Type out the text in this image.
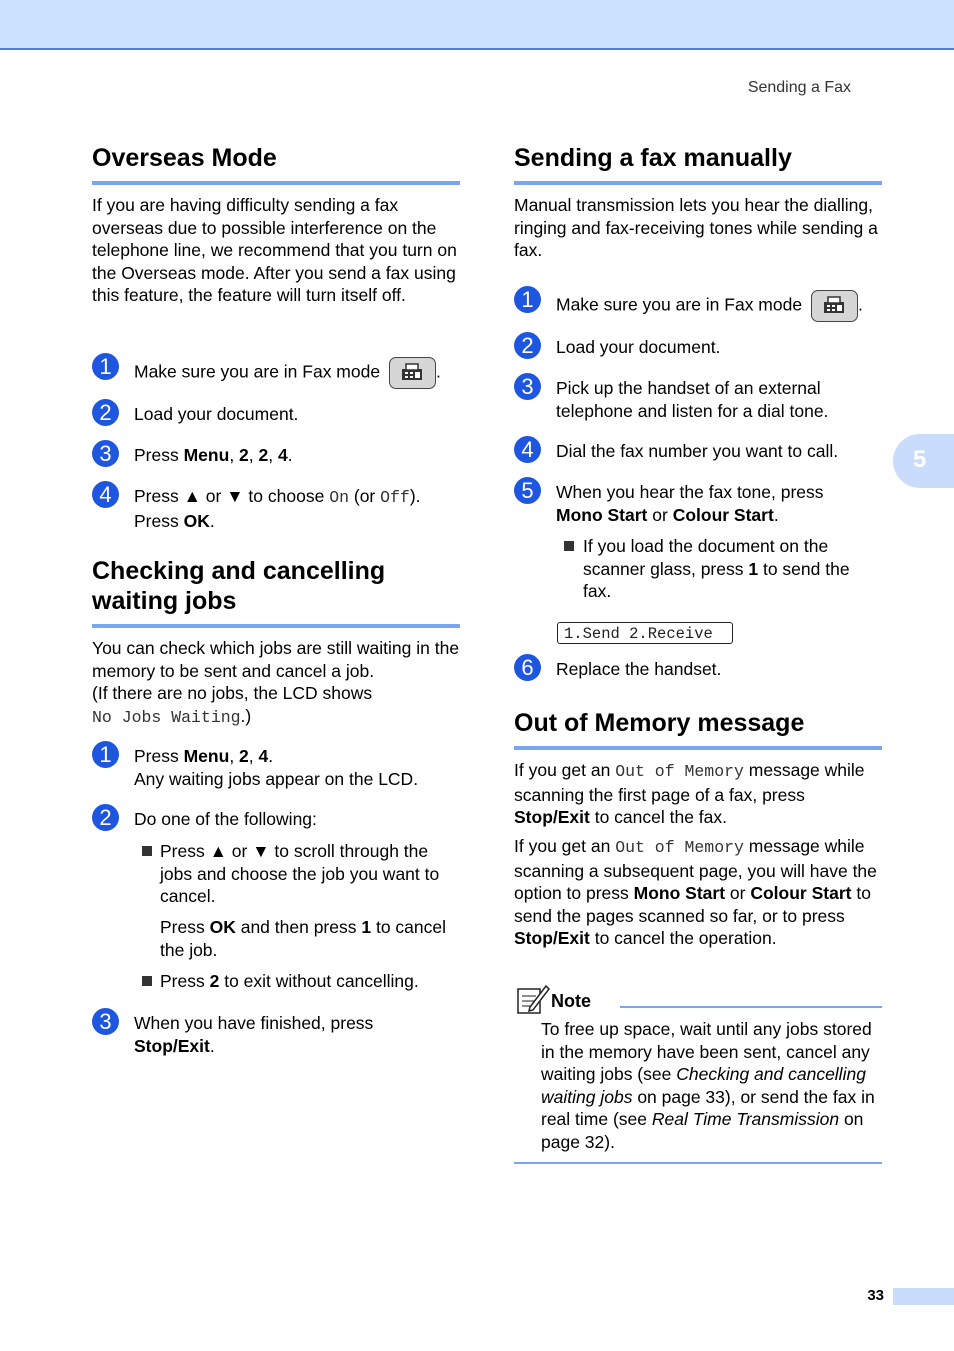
Sending a Fax
5
33
Overseas Mode

If you are having difficulty sending a fax overseas due to possible interference on the telephone line, we recommend that you turn on the Overseas mode. After you send a fax using this feature, the feature will turn itself off.

1	Make sure you are in Fax mode	.

2	Load your document.

3	Press Menu, 2, 2, 4.

4	Press ▲ or ▼ to choose On (or Off).
Press OK.

Checking and cancelling
waiting jobs

You can check which jobs are still waiting in the memory to be sent and cancel a job.
(If there are no jobs, the LCD shows
No Jobs Waiting.)

1	Press Menu, 2, 4.
Any waiting jobs appear on the LCD.

2	Do one of the following:

Press ▲ or ▼ to scroll through the jobs and choose the job you want to cancel.

Press OK and then press 1 to cancel the job.

Press 2 to exit without cancelling.

3	When you have finished, press
Stop/Exit.

Sending a fax manually

Manual transmission lets you hear the dialling, ringing and fax-receiving tones while sending a fax.

1	Make sure you are in Fax mode	.

2	Load your document.

3	Pick up the handset of an external telephone and listen for a dial tone.

4	Dial the fax number you want to call.

5	When you hear the fax tone, press
Mono Start or Colour Start.

If you load the document on the scanner glass, press 1 to send the fax.

1.Send 2.Receive
6	Replace the handset.

Out of Memory message

If you get an Out of Memory message while scanning the first page of a fax, press Stop/Exit to cancel the fax.

If you get an Out of Memory message while scanning a subsequent page, you will have the option to press Mono Start or Colour Start to send the pages scanned so far, or to press Stop/Exit to cancel the operation.

Note

To free up space, wait until any jobs stored in the memory have been sent, cancel any waiting jobs (see Checking and cancelling waiting jobs on page 33), or send the fax in real time (see Real Time Transmission on page 32).
